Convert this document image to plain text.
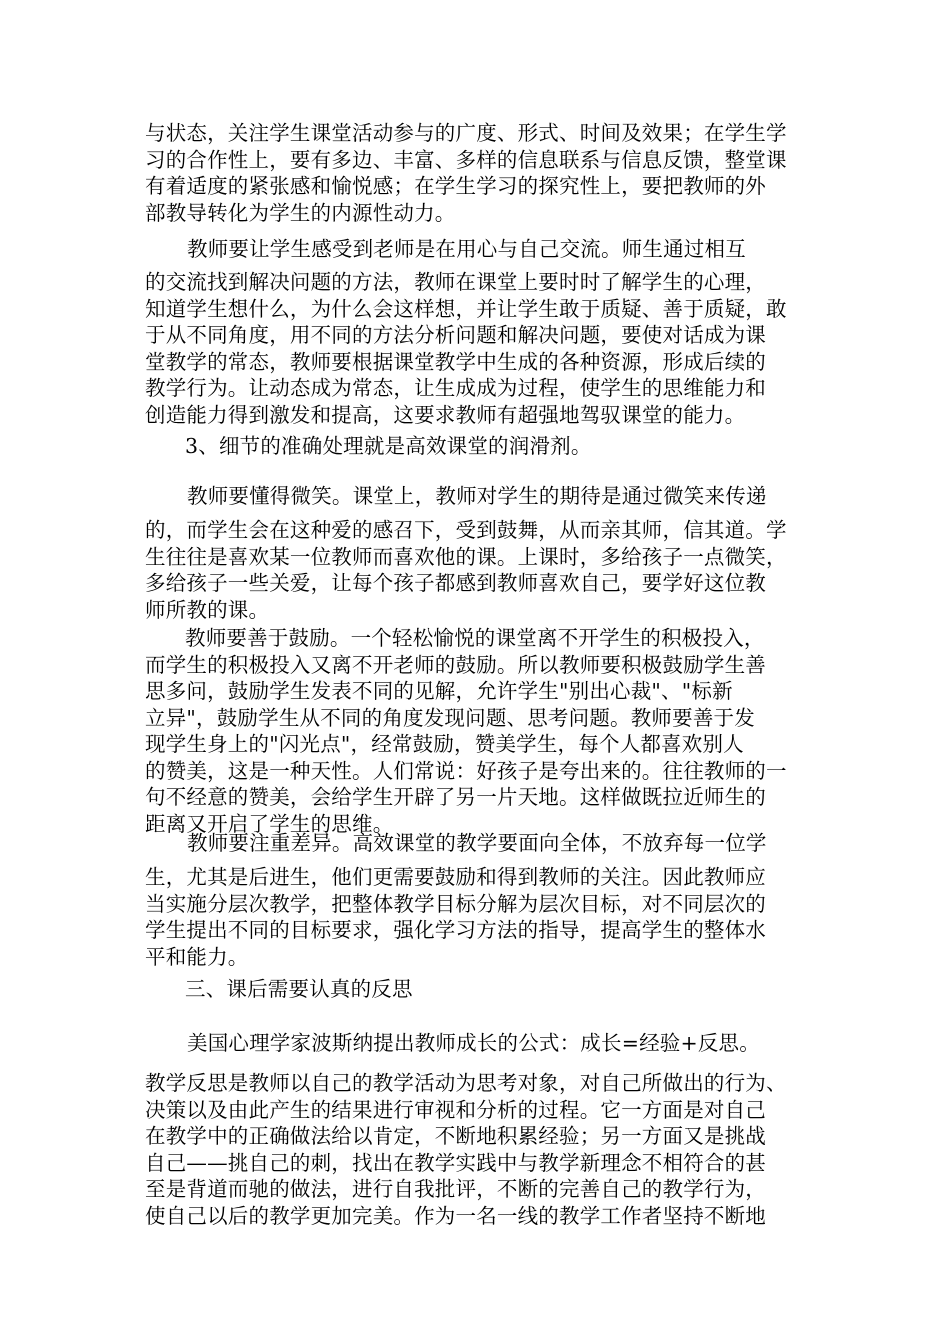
与状态，关注学生课堂活动参与的广度、形式、时间及效果；在学生学
习的合作性上，要有多边、丰富、多样的信息联系与信息反馈，整堂课
有着适度的紧张感和愉悦感；在学生学习的探究性上，要把教师的外
部教导转化为学生的内源性动力。
教师要让学生感受到老师是在用心与自己交流。师生通过相互
的交流找到解决问题的方法，教师在课堂上要时时了解学生的心理，
知道学生想什么，为什么会这样想，并让学生敢于质疑、善于质疑，敢
于从不同角度，用不同的方法分析问题和解决问题，要使对话成为课
堂教学的常态，教师要根据课堂教学中生成的各种资源，形成后续的
教学行为。让动态成为常态，让生成成为过程，使学生的思维能力和
创造能力得到激发和提高，这要求教师有超强地驾驭课堂的能力。
3、细节的准确处理就是高效课堂的润滑剂。
教师要懂得微笑。课堂上，教师对学生的期待是通过微笑来传递
的，而学生会在这种爱的感召下，受到鼓舞，从而亲其师，信其道。学
生往往是喜欢某一位教师而喜欢他的课。上课时，多给孩子一点微笑，
多给孩子一些关爱，让每个孩子都感到教师喜欢自己，要学好这位教
师所教的课。
教师要善于鼓励。一个轻松愉悦的课堂离不开学生的积极投入，
而学生的积极投入又离不开老师的鼓励。所以教师要积极鼓励学生善
思多问，鼓励学生发表不同的见解，允许学生"别出心裁"、"标新
立异"，鼓励学生从不同的角度发现问题、思考问题。教师要善于发
现学生身上的"闪光点"，经常鼓励，赞美学生，每个人都喜欢别人
的赞美，这是一种天性。人们常说：好孩子是夸出来的。往往教师的一
句不经意的赞美，会给学生开辟了另一片天地。这样做既拉近师生的
距离又开启了学生的思维。
教师要注重差异。高效课堂的教学要面向全体，不放弃每一位学
生，尤其是后进生，他们更需要鼓励和得到教师的关注。因此教师应
当实施分层次教学，把整体教学目标分解为层次目标，对不同层次的
学生提出不同的目标要求，强化学习方法的指导，提高学生的整体水
平和能力。
三、课后需要认真的反思
美国心理学家波斯纳提出教师成长的公式：成长=经验+反思。
教学反思是教师以自己的教学活动为思考对象，对自己所做出的行为、
决策以及由此产生的结果进行审视和分析的过程。它一方面是对自己
在教学中的正确做法给以肯定，不断地积累经验；另一方面又是挑战
自己——挑自己的刺，找出在教学实践中与教学新理念不相符合的甚
至是背道而驰的做法，进行自我批评，不断的完善自己的教学行为，
使自己以后的教学更加完美。作为一名一线的教学工作者坚持不断地
